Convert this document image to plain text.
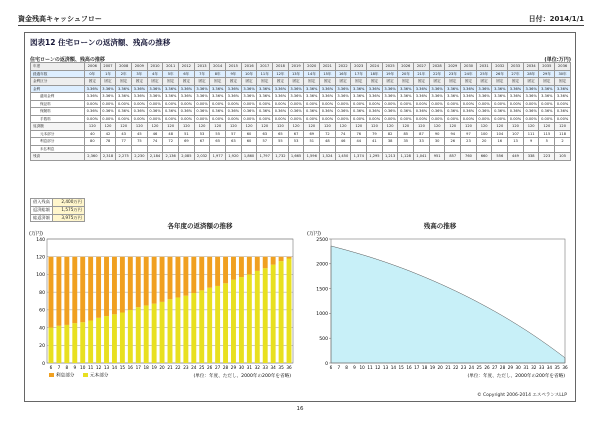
資金残高キャッシュフロー	日付：2014/1/1
図表12 住宅ローンの返済額、残高の推移
住宅ローンの返済額、残高の推移	(単位:万円)
年度	2006	2007	2008	2009	2010	2011	2012	2013	2014	2015	2016	2017	2018	2019	2020	2021	2022	2023	2024	2025	2026	2027	2028	2029	2030	2031	2032	2033	2034	2035	2036
経過年数	0年	1年	2年	3年	4年	5年	6年	7年	8年	9年	10年	11年	12年	13年	14年	15年	16年	17年	18年	19年	20年	21年	22年	23年	24年	25年	26年	27年	28年	29年	30年
金利区分	固定	固定	固定	固定	固定	固定	固定	固定	固定	固定	固定	固定	固定	固定	固定	固定	固定	固定	固定	固定	固定	固定	固定	固定	固定	固定	固定	固定	固定	固定	固定
金利	3.36%	3.36%	3.36%	3.36%	3.36%	3.36%	3.36%	3.36%	3.36%	3.36%	3.36%	3.36%	3.36%	3.36%	3.36%	3.36%	3.36%	3.36%	3.36%	3.36%	3.36%	3.36%	3.36%	3.36%	3.36%	3.36%	3.36%	3.36%	3.36%	3.36%	3.36%
適用金利	3.36%	3.36%	3.36%	3.36%	3.36%	3.36%	3.36%	3.36%	3.36%	3.36%	3.36%	3.36%	3.36%	3.36%	3.36%	3.36%	3.36%	3.36%	3.36%	3.36%	3.36%	3.36%	3.36%	3.36%	3.36%	3.36%	3.36%	3.36%	3.36%	3.36%	3.36%
保証料	0.00%	0.00%	0.00%	0.00%	0.00%	0.00%	0.00%	0.00%	0.00%	0.00%	0.00%	0.00%	0.00%	0.00%	0.00%	0.00%	0.00%	0.00%	0.00%	0.00%	0.00%	0.00%	0.00%	0.00%	0.00%	0.00%	0.00%	0.00%	0.00%	0.00%	0.00%
保険料	0.36%	0.36%	0.36%	0.36%	0.36%	0.36%	0.36%	0.36%	0.36%	0.36%	0.36%	0.36%	0.36%	0.36%	0.36%	0.36%	0.36%	0.36%	0.36%	0.36%	0.36%	0.36%	0.36%	0.36%	0.36%	0.36%	0.36%	0.36%	0.36%	0.36%	0.36%
手数料	0.00%	0.00%	0.00%	0.00%	0.00%	0.00%	0.00%	0.00%	0.00%	0.00%	0.00%	0.00%	0.00%	0.00%	0.00%	0.00%	0.00%	0.00%	0.00%	0.00%	0.00%	0.00%	0.00%	0.00%	0.00%	0.00%	0.00%	0.00%	0.00%	0.00%	0.00%
返済額	120	120	120	120	120	120	120	120	120	120	120	120	120	120	120	120	120	120	120	120	120	120	120	120	120	120	120	120	120	120	120
元本部分	40	42	43	45	46	48	51	53	55	57	60	63	65	67	69	72	74	76	79	82	85	87	90	94	97	100	104	107	111	115	118
利息部分	80	78	77	75	74	72	69	67	65	63	60	57	55	53	51	48	46	44	41	38	35	33	30	26	23	20	16	13	9	5	2
未払利息																															
残高	2,360	2,318	2,275	2,230	2,184	2,136	2,085	2,032	1,977	1,920	1,860	1,797	1,732	1,665	1,596	1,524	1,450	1,374	1,295	1,213	1,128	1,041	951	857	760	660	556	449	338	223	105
借入残高	2,400万円
返済総額	1,575万円
総返済額	3,975万円
各年度の返済額の推移	残高の推移
(万円)
0
20
40
60
80
100
120
140
6 7 8 9 10 11 12 13 14 15 16 17 18 19 20 21 22 23 24 25 26 27 28 29 30 31 32 33 34 35 36
利息部分	元本部分	(単位：年度、ただし、2000年の200年を省略)
(万円)
0
500
1000
1500
2000
2500
6 7 8 9 10 11 12 13 14 15 16 17 18 19 20 21 22 23 24 25 26 27 28 29 30 31 32 33 34 35 36
(単位：年度、ただし、2000年の200年を省略)
© Copyright 2006-2014 エスペランスLLP
16
